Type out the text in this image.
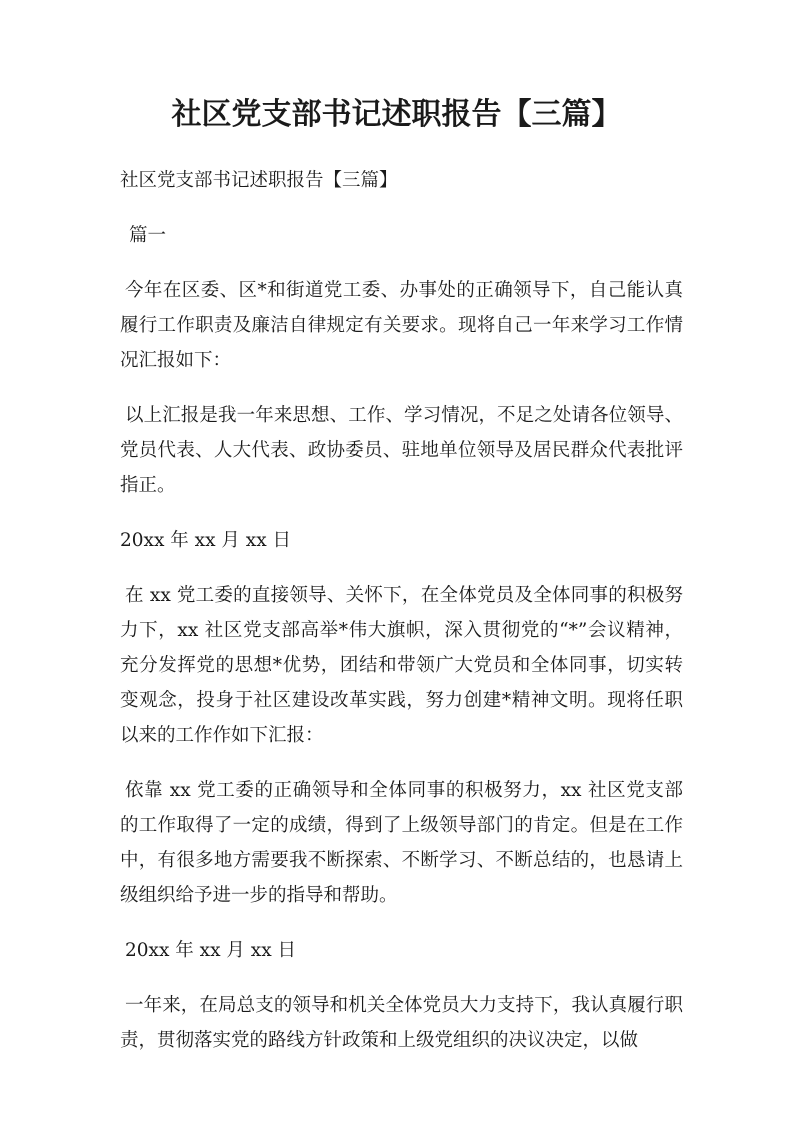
社区党支部书记述职报告【三篇】

社区党支部书记述职报告【三篇】

篇一

今年在区委、区*和街道党工委、办事处的正确领导下，自己能认真履行工作职责及廉洁自律规定有关要求。现将自己一年来学习工作情况汇报如下：

以上汇报是我一年来思想、工作、学习情况，不足之处请各位领导、党员代表、人大代表、政协委员、驻地单位领导及居民群众代表批评指正。

20xx 年 xx 月 xx 日

在 xx 党工委的直接领导、关怀下，在全体党员及全体同事的积极努力下，xx 社区党支部高举*伟大旗帜，深入贯彻党的“*”会议精神，充分发挥党的思想*优势，团结和带领广大党员和全体同事，切实转变观念，投身于社区建设改革实践，努力创建*精神文明。现将任职以来的工作作如下汇报：

依靠 xx 党工委的正确领导和全体同事的积极努力，xx 社区党支部的工作取得了一定的成绩，得到了上级领导部门的肯定。但是在工作中，有很多地方需要我不断探索、不断学习、不断总结的，也恳请上级组织给予进一步的指导和帮助。

20xx 年 xx 月 xx 日

一年来，在局总支的领导和机关全体党员大力支持下，我认真履行职责，贯彻落实党的路线方针政策和上级党组织的决议决定，以做
